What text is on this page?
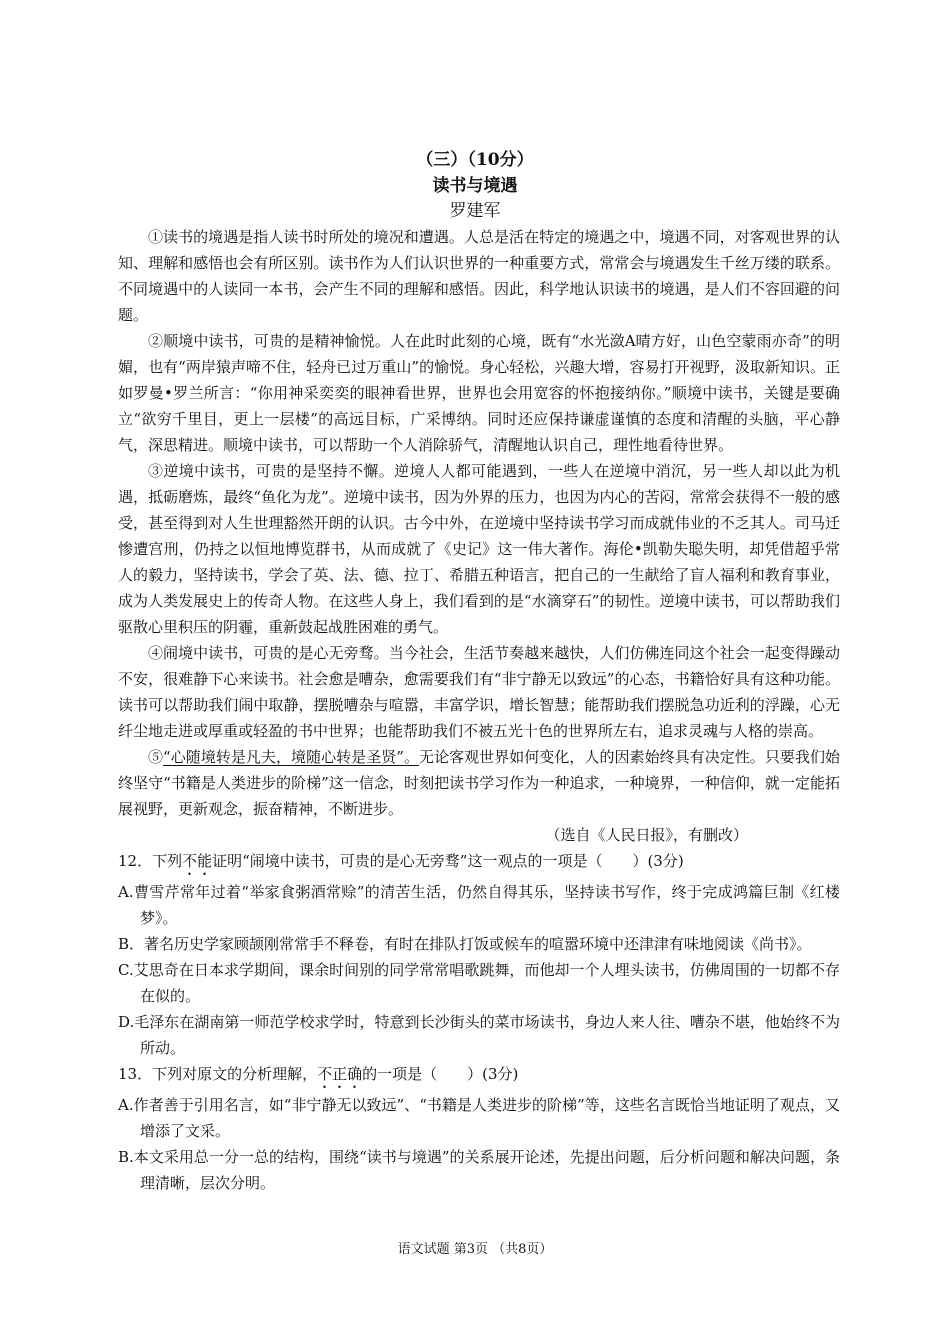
（三）（10分）
读书与境遇
罗建军

①读书的境遇是指人读书时所处的境况和遭遇。人总是活在特定的境遇之中，境遇不同，对客观世界的认知、理解和感悟也会有所区别。读书作为人们认识世界的一种重要方式，常常会与境遇发生千丝万缕的联系。不同境遇中的人读同一本书，会产生不同的理解和感悟。因此，科学地认识读书的境遇，是人们不容回避的问题。

②顺境中读书，可贵的是精神愉悦。人在此时此刻的心境，既有“水光潋A晴方好，山色空蒙雨亦奇”的明媚，也有“两岸猿声啼不住，轻舟已过万重山”的愉悦。身心轻松，兴趣大增，容易打开视野，汲取新知识。正如罗曼•罗兰所言：“你用神采奕奕的眼神看世界，世界也会用宽容的怀抱接纳你。”顺境中读书，关键是要确立“欲穷千里目，更上一层楼”的高远目标，广采博纳。同时还应保持谦虚谨慎的态度和清醒的头脑，平心静气，深思精进。顺境中读书，可以帮助一个人消除骄气，清醒地认识自己，理性地看待世界。

③逆境中读书，可贵的是坚持不懈。逆境人人都可能遇到，一些人在逆境中消沉，另一些人却以此为机遇，抵砺磨炼，最终“鱼化为龙”。逆境中读书，因为外界的压力，也因为内心的苦闷，常常会获得不一般的感受，甚至得到对人生世理豁然开朗的认识。古今中外，在逆境中坚持读书学习而成就伟业的不乏其人。司马迁惨遭宫刑，仍持之以恒地博览群书，从而成就了《史记》这一伟大著作。海伦•凯勒失聪失明，却凭借超乎常人的毅力，坚持读书，学会了英、法、德、拉丁、希腊五种语言，把自己的一生献给了盲人福利和教育事业，成为人类发展史上的传奇人物。在这些人身上，我们看到的是“水滴穿石”的韧性。逆境中读书，可以帮助我们驱散心里积压的阴霾，重新鼓起战胜困难的勇气。

④闹境中读书，可贵的是心无旁骛。当今社会，生活节奏越来越快，人们仿佛连同这个社会一起变得躁动不安，很难静下心来读书。社会愈是嘈杂，愈需要我们有“非宁静无以致远”的心态，书籍恰好具有这种功能。读书可以帮助我们闹中取静，摆脱嘈杂与喧嚣，丰富学识，增长智慧；能帮助我们摆脱急功近利的浮躁，心无纤尘地走进或厚重或轻盈的书中世界；也能帮助我们不被五光十色的世界所左右，追求灵魂与人格的崇高。

⑤“心随境转是凡夫，境随心转是圣贤”。无论客观世界如何变化，人的因素始终具有决定性。只要我们始终坚守“书籍是人类进步的阶梯”这一信念，时刻把读书学习作为一种追求，一种境界，一种信仰，就一定能拓展视野，更新观念，振奋精神，不断进步。

（选自《人民日报》，有删改）

12．下列不能证明“闹境中读书，可贵的是心无旁骛”这一观点的一项是（　　）(3分)

A.曹雪芹常年过着“举家食粥酒常赊”的清苦生活，仍然自得其乐，坚持读书写作，终于完成鸿篇巨制《红楼梦》。

B．著名历史学家顾颉刚常常手不释卷，有时在排队打饭或候车的喧嚣环境中还津津有味地阅读《尚书》。

C.艾思奇在日本求学期间，课余时间别的同学常常唱歌跳舞，而他却一个人埋头读书，仿佛周围的一切都不存在似的。

D.毛泽东在湖南第一师范学校求学时，特意到长沙街头的菜市场读书，身边人来人往、嘈杂不堪，他始终不为所动。

13．下列对原文的分析理解，不正确的一项是（　　）(3分)

A.作者善于引用名言，如“非宁静无以致远”、“书籍是人类进步的阶梯”等，这些名言既恰当地证明了观点，又增添了文采。

B.本文采用总一分一总的结构，围绕“读书与境遇”的关系展开论述，先提出问题，后分析问题和解决问题，条理清晰，层次分明。

语文试题 第3页 （共8页）
